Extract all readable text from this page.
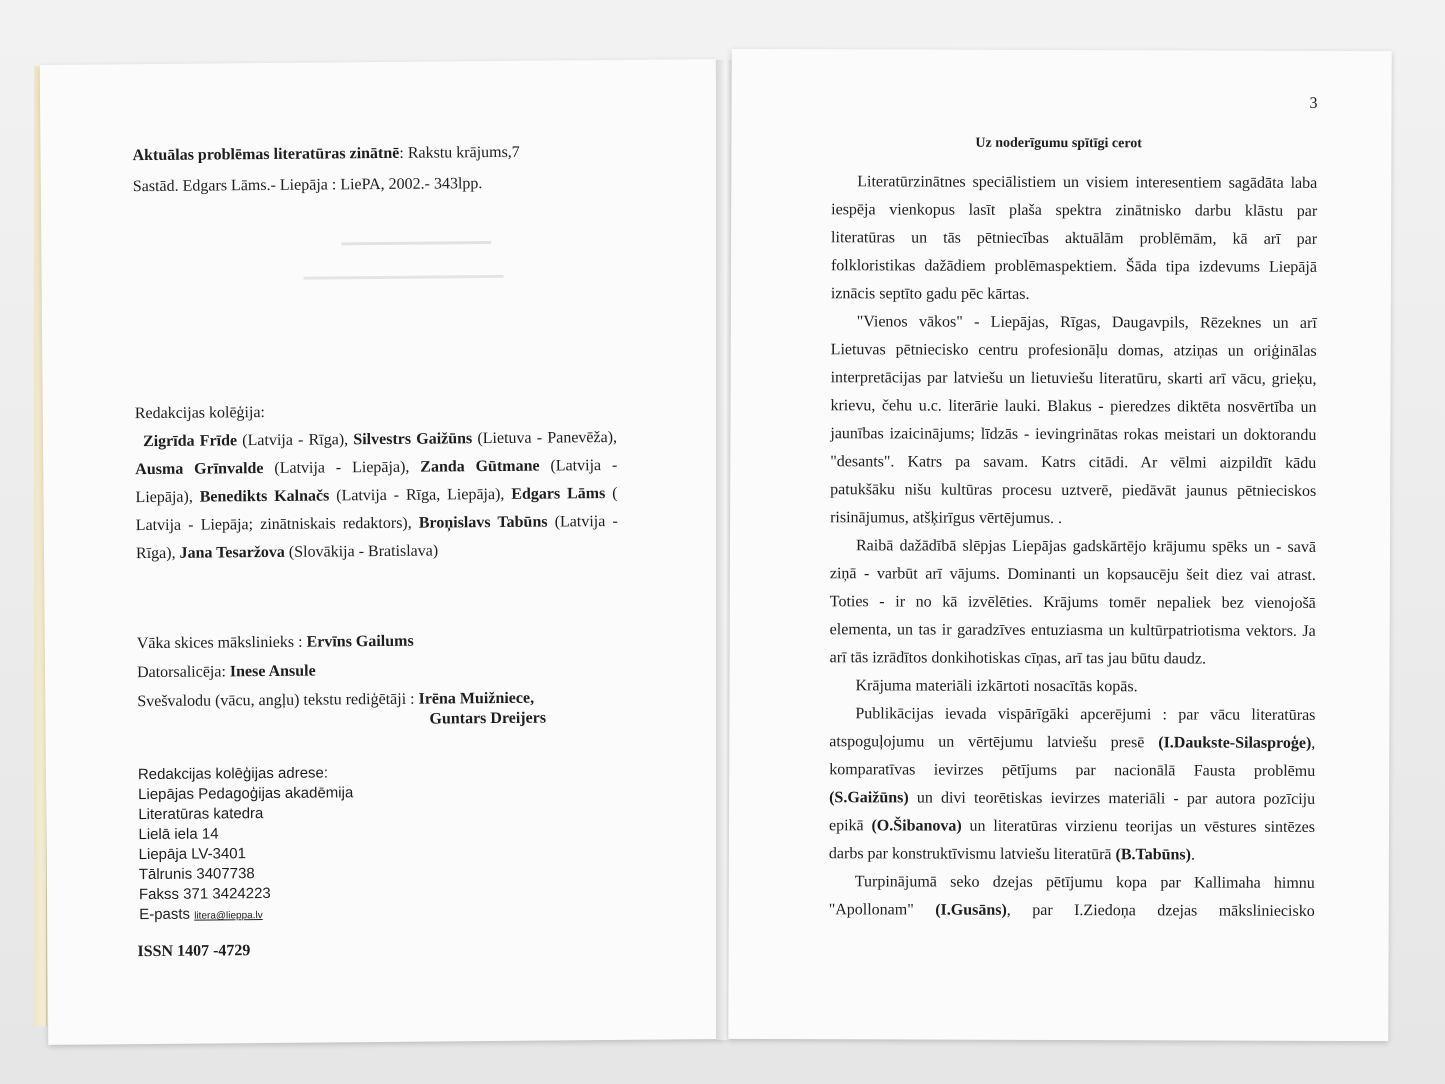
Aktuālas problēmas literatūras zinātnē: Rakstu krājums,7
Sastād. Edgars Lāms.- Liepāja : LiePA, 2002.- 343lpp.
Redakcijas kolēģija:
Zigrīda Frīde (Latvija - Rīga), Silvestrs Gaižūns (Lietuva - Panevēža),
Ausma Grīnvalde (Latvija - Liepāja), Zanda Gūtmane (Latvija -
Liepāja), Benedikts Kalnačs (Latvija - Rīga, Liepāja), Edgars Lāms (
Latvija - Liepāja; zinātniskais redaktors), Broņislavs Tabūns (Latvija -
Rīga), Jana Tesaržova (Slovākija - Bratislava)
Vāka skices mākslinieks : Ervīns Gailums
Datorsalicēja: Inese Ansule
Svešvalodu (vācu, angļu) tekstu rediģētāji : Irēna Muižniece,
Guntars Dreijers
Redakcijas kolēģijas adrese:
Liepājas Pedagoģijas akadēmija
Literatūras katedra
Lielā iela 14
Liepāja LV-3401
Tālrunis 3407738
Fakss 371 3424223
E-pasts litera@lieppa.lv
ISSN 1407 -4729
3
Uz noderīgumu spītīgi cerot
Literatūrzinātnes speciālistiem un visiem interesentiem sagādāta laba
iespēja vienkopus lasīt plaša spektra zinātnisko darbu klāstu par
literatūras un tās pētniecības aktuālām problēmām, kā arī par
folkloristikas dažādiem problēmaspektiem. Šāda tipa izdevums Liepājā
iznācis septīto gadu pēc kārtas.
"Vienos vākos" - Liepājas, Rīgas, Daugavpils, Rēzeknes un arī
Lietuvas pētniecisko centru profesionāļu domas, atziņas un oriģinālas
interpretācijas par latviešu un lietuviešu literatūru, skarti arī vācu, grieķu,
krievu, čehu u.c. literārie lauki. Blakus - pieredzes diktēta nosvērtība un
jaunības izaicinājums; līdzās - ievingrinātas rokas meistari un doktorandu
"desants". Katrs pa savam. Katrs citādi. Ar vēlmi aizpildīt kādu
patukšāku nišu kultūras procesu uztverē, piedāvāt jaunus pētnieciskos
risinājumus, atšķirīgus vērtējumus. .
Raibā dažādībā slēpjas Liepājas gadskārtējo krājumu spēks un - savā
ziņā - varbūt arī vājums. Dominanti un kopsaucēju šeit diez vai atrast.
Toties - ir no kā izvēlēties. Krājums tomēr nepaliek bez vienojošā
elementa, un tas ir garadzīves entuziasma un kultūrpatriotisma vektors. Ja
arī tās izrādītos donkihotiskas cīņas, arī tas jau būtu daudz.
Krājuma materiāli izkārtoti nosacītās kopās.
Publikācijas ievada vispārīgāki apcerējumi : par vācu literatūras
atspoguļojumu un vērtējumu latviešu presē (I.Daukste-Silasproģe),
komparatīvas ievirzes pētījums par nacionālā Fausta problēmu
(S.Gaižūns) un divi teorētiskas ievirzes materiāli - par autora pozīciju
epikā (O.Šibanova) un literatūras virzienu teorijas un vēstures sintēzes
darbs par konstruktīvismu latviešu literatūrā (B.Tabūns).
Turpinājumā seko dzejas pētījumu kopa par Kallimaha himnu
"Apollonam" (I.Gusāns), par I.Ziedoņa dzejas mākslinieciskо
